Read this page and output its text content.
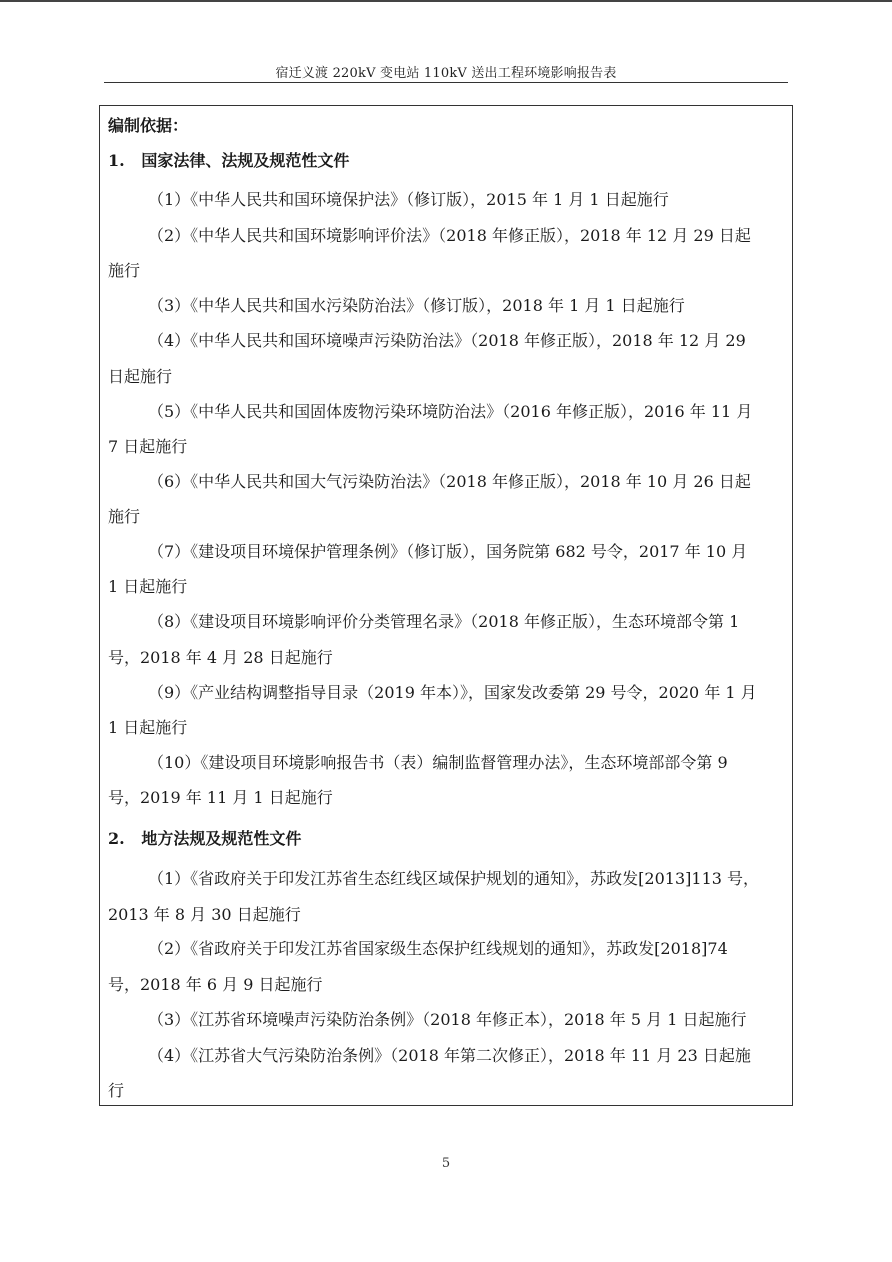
宿迁义渡 220kV 变电站 110kV 送出工程环境影响报告表
编制依据：
1.   国家法律、法规及规范性文件
（1）《中华人民共和国环境保护法》（修订版），2015 年 1 月 1 日起施行
（2）《中华人民共和国环境影响评价法》（2018 年修正版），2018 年 12 月 29 日起
施行
（3）《中华人民共和国水污染防治法》（修订版），2018 年 1 月 1 日起施行
（4）《中华人民共和国环境噪声污染防治法》（2018 年修正版），2018 年 12 月 29
日起施行
（5）《中华人民共和国固体废物污染环境防治法》（2016 年修正版），2016 年 11 月
7 日起施行
（6）《中华人民共和国大气污染防治法》（2018 年修正版），2018 年 10 月 26 日起
施行
（7）《建设项目环境保护管理条例》（修订版），国务院第 682 号令，2017 年 10 月
1 日起施行
（8）《建设项目环境影响评价分类管理名录》（2018 年修正版），生态环境部令第 1
号，2018 年 4 月 28 日起施行
（9）《产业结构调整指导目录（2019 年本）》，国家发改委第 29 号令，2020 年 1 月
1 日起施行
（10）《建设项目环境影响报告书（表）编制监督管理办法》，生态环境部部令第 9
号，2019 年 11 月 1 日起施行
2.   地方法规及规范性文件
（1）《省政府关于印发江苏省生态红线区域保护规划的通知》，苏政发[2013]113 号，
2013 年 8 月 30 日起施行
（2）《省政府关于印发江苏省国家级生态保护红线规划的通知》，苏政发[2018]74
号，2018 年 6 月 9 日起施行
（3）《江苏省环境噪声污染防治条例》（2018 年修正本），2018 年 5 月 1 日起施行
（4）《江苏省大气污染防治条例》（2018 年第二次修正），2018 年 11 月 23 日起施
行
5
